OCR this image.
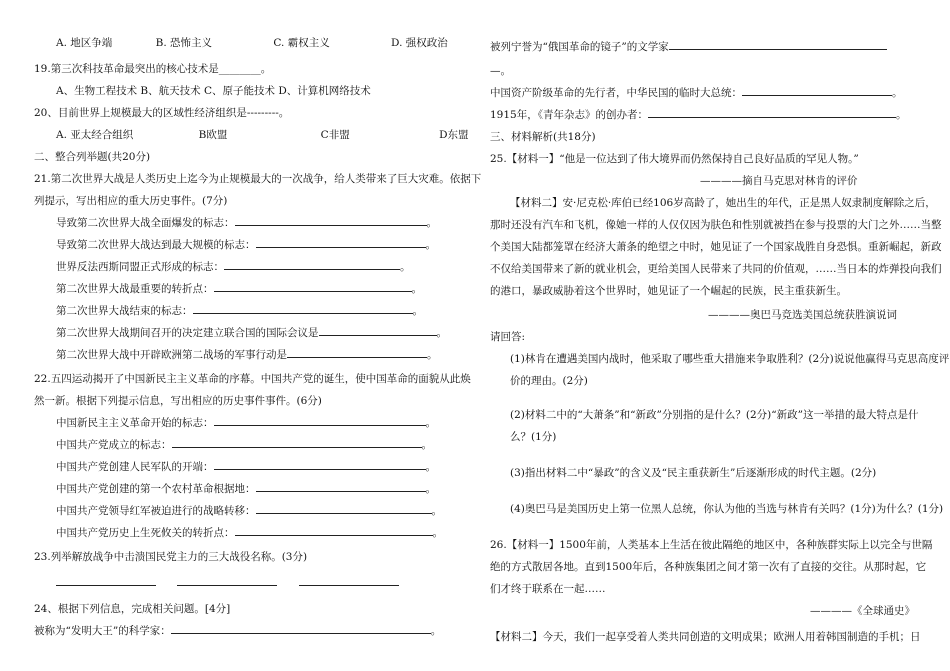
A. 地区争端	B. 恐怖主义	C. 霸权主义	D. 强权政治
19.第三次科技革命最突出的核心技术是________。
A、生物工程技术 B、航天技术 C、原子能技术 D、计算机网络技术
20、目前世界上规模最大的区域性经济组织是---------。
A. 亚太经合组织	B欧盟	C非盟	D东盟
二、整合列举题(共20分)
21.第二次世界大战是人类历史上迄今为止规模最大的一次战争，给人类带来了巨大灾难。依据下
列提示，写出相应的重大历史事件。(7分)
导致第二次世界大战全面爆发的标志：	。
导致第二次世界大战达到最大规模的标志：	。
世界反法西斯同盟正式形成的标志：	。
第二次世界大战最重要的转折点：	。
第二次世界大战结束的标志：	。
第二次世界大战期间召开的决定建立联合国的国际会议是	。
第二次世界大战中开辟欧洲第二战场的军事行动是	。
22.五四运动揭开了中国新民主主义革命的序幕。中国共产党的诞生，使中国革命的面貌从此焕
然一新。根据下列提示信息，写出相应的历史事件事件。(6分)
中国新民主主义革命开始的标志：	。
中国共产党成立的标志：	。
中国共产党创建人民军队的开端：	。
中国共产党创建的第一个农村革命根据地：	。
中国共产党领导红军被迫进行的战略转移：	。
中国共产党历史上生死攸关的转折点：	。
23.列举解放战争中击溃国民党主力的三大战役名称。(3分)

24、根据下列信息，完成相关问题。[4分]
被称为“发明大王”的科学家：	。
被列宁誉为“俄国革命的镜子”的文学家
—。
中国资产阶级革命的先行者，中华民国的临时大总统：	。
1915年，《青年杂志》的创办者：	。
三、材料解析(共18分)
25.【材料一】“他是一位达到了伟大境界而仍然保持自己良好品质的罕见人物。”
————摘自马克思对林肯的评价
【材料二】安·尼克松·库伯已经106岁高龄了，她出生的年代，正是黑人奴隶制度解除之后，
那时还没有汽车和飞机，像她一样的人仅仅因为肤色和性别就被挡在参与投票的大门之外……当整
个美国大陆都笼罩在经济大萧条的绝望之中时，她见证了一个国家战胜自身恐惧。重新崛起，新政
不仅给美国带来了新的就业机会，更给美国人民带来了共同的价值观，……当日本的炸弹投向我们
的港口，暴政威胁着这个世界时，她见证了一个崛起的民族，民主重获新生。
————奥巴马竞选美国总统获胜演说词
请回答:
(1)林肯在遭遇美国内战时，他采取了哪些重大措施来争取胜利？(2分)说说他赢得马克思高度评
价的理由。(2分)
(2)材料二中的“大萧条”和“新政”分别指的是什么？(2分)“新政”这一举措的最大特点是什
么？(1分)
(3)指出材料二中“暴政”的含义及“民主重获新生”后逐渐形成的时代主题。(2分)
(4)奥巴马是美国历史上第一位黑人总统，你认为他的当选与林肯有关吗？(1分)为什么？(1分)
26.【材料一】1500年前，人类基本上生活在彼此隔绝的地区中，各种族群实际上以完全与世隔
绝的方式散居各地。直到1500年后，各种族集团之间才第一次有了直接的交往。从那时起，它
们才终于联系在一起……
————《全球通史》
【材料二】今天，我们一起享受着人类共同创造的文明成果；欧洲人用着韩国制造的手机；日
